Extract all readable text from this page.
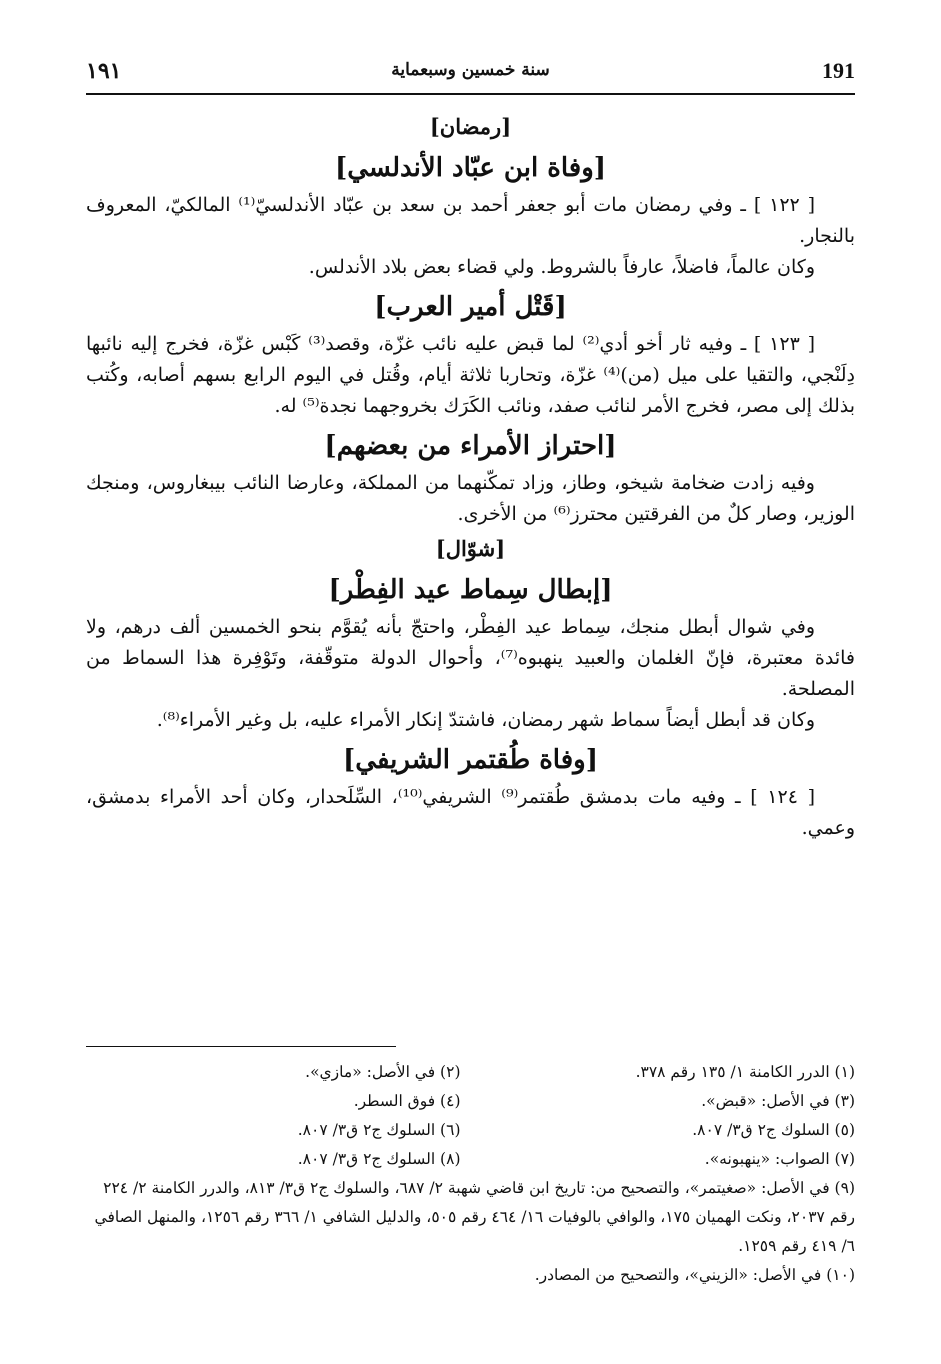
191
سنة خمسين وسبعماية
١٩١
[رمضان]
[وفاة ابن عبّاد الأندلسي]

[ ١٢٢ ] ـ وفي رمضان مات أبو جعفر أحمد بن سعد بن عبّاد الأندلسيّ⁽¹⁾ المالكيّ، المعروف بالنجار.

وكان عالماً، فاضلاً، عارفاً بالشروط. ولي قضاء بعض بلاد الأندلس.

[قَتْل أمير العرب]

[ ١٢٣ ] ـ وفيه ثار أخو أدي⁽²⁾ لما قبض عليه نائب غزّة، وقصد⁽³⁾ كَبْس غزّة، فخرج إليه نائبها دِلَنْجي، والتقيا على ميل (من)⁽⁴⁾ غزّة، وتحاربا ثلاثة أيام، وقُتل في اليوم الرابع بسهم أصابه، وكُتب بذلك إلى مصر، فخرج الأمر لنائب صفد، ونائب الكَرَك بخروجهما نجدة⁽⁵⁾ له.

[احتراز الأمراء من بعضهم]

وفيه زادت ضخامة شيخو، وطاز، وزاد تمكّنهما من المملكة، وعارضا النائب بيبغاروس، ومنجك الوزير، وصار كلٌ من الفرقتين محترز⁽⁶⁾ من الأخرى.

[شوّال]
[إبطال سِماط عيد الفِطْر]

وفي شوال أبطل منجك، سِماط عيد الفِطْر، واحتجّ بأنه يُقوَّم بنحو الخمسين ألف درهم، ولا فائدة معتبرة، فإنّ الغلمان والعبيد ينهبوه⁽⁷⁾، وأحوال الدولة متوقّفة، وتَوْفِرة هذا السماط من المصلحة.

وكان قد أبطل أيضاً سماط شهر رمضان، فاشتدّ إنكار الأمراء عليه، بل وغير الأمراء⁽⁸⁾.

[وفاة طُقتمر الشريفي]

[ ١٢٤ ] ـ وفيه مات بدمشق طُقتمر⁽⁹⁾ الشريفي⁽¹⁰⁾، السِّلَحدار، وكان أحد الأمراء بدمشق، وعمي.

(١) الدرر الكامنة ١/ ١٣٥ رقم ٣٧٨.
(٢) في الأصل: «مازي».
(٣) في الأصل: «قبض».
(٤) فوق السطر.
(٥) السلوك ج٢ ق٣/ ٨٠٧.
(٦) السلوك ج٢ ق٣/ ٨٠٧.
(٧) الصواب: «ينهبونه».
(٨) السلوك ج٢ ق٣/ ٨٠٧.

(٩) في الأصل: «صغيتمر»، والتصحيح من: تاريخ ابن قاضي شهبة ٢/ ٦٨٧، والسلوك ج٢ ق٣/ ٨١٣، والدرر الكامنة ٢/ ٢٢٤ رقم ٢٠٣٧، ونكت الهميان ١٧٥، والوافي بالوفيات ١٦/ ٤٦٤ رقم ٥٠٥، والدليل الشافي ١/ ٣٦٦ رقم ١٢٥٦، والمنهل الصافي ٦/ ٤١٩ رقم ١٢٥٩.

(١٠) في الأصل: «الزيني»، والتصحيح من المصادر.
